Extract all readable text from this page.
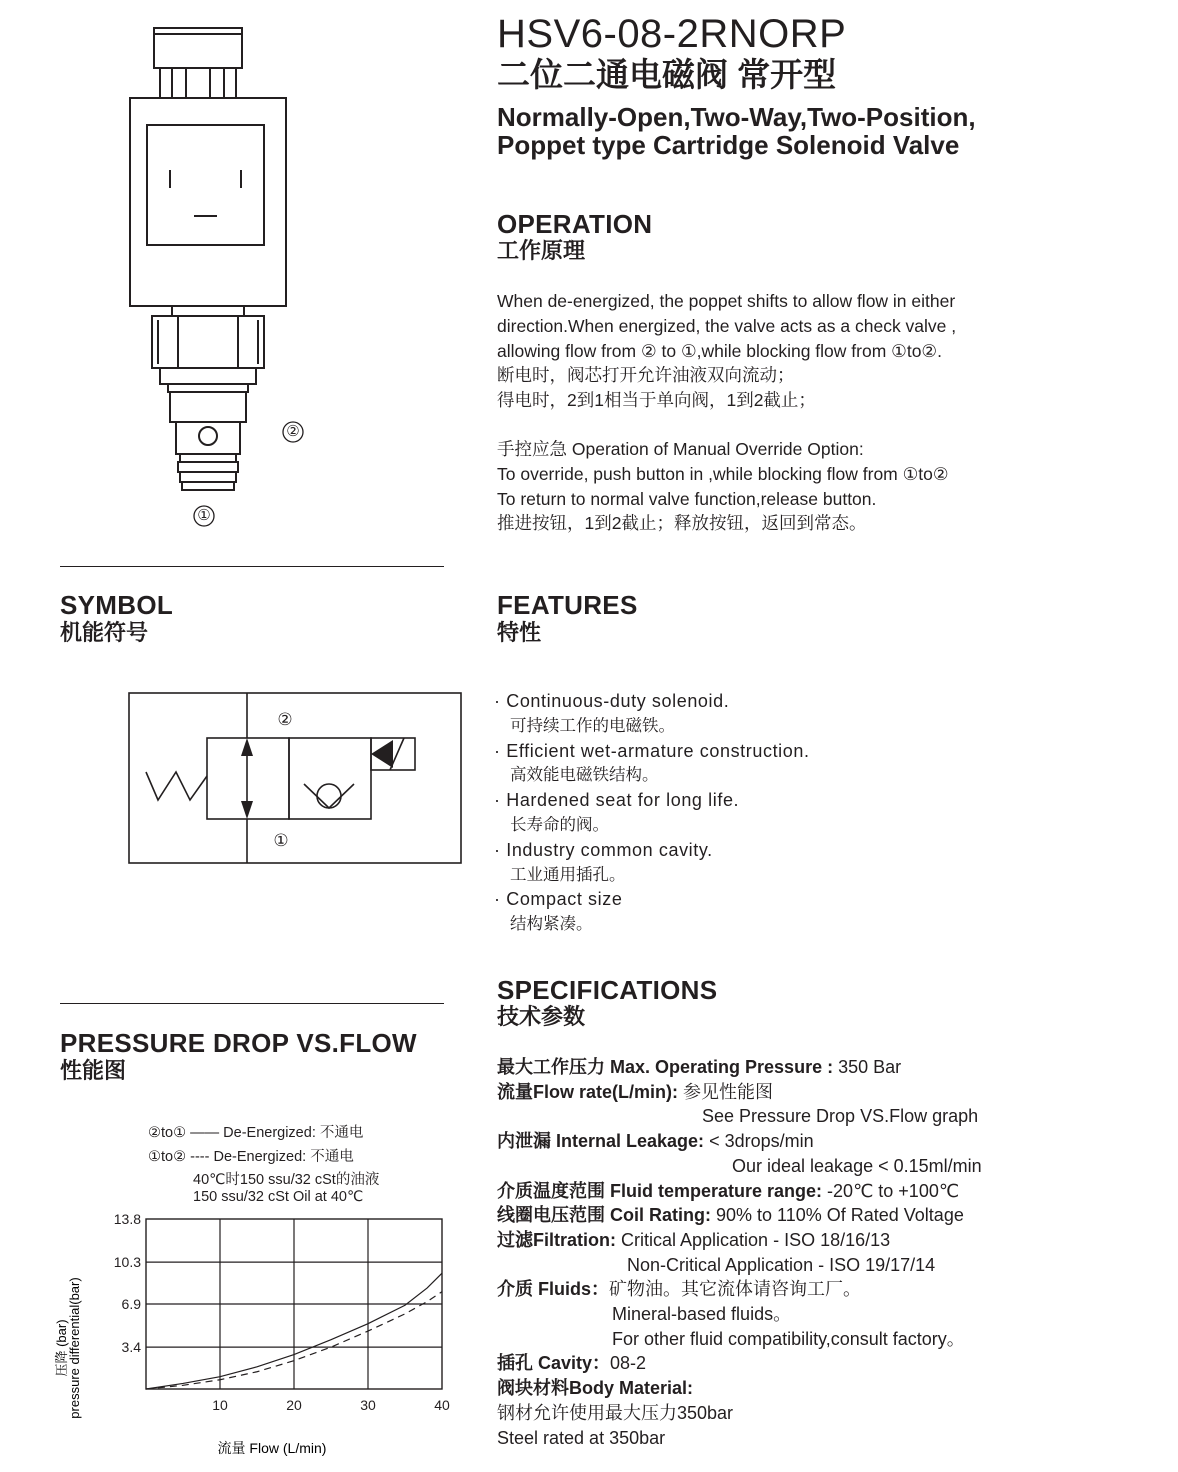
HSV6-08-2RNORP
二位二通电磁阀 常开型
Normally-Open,Two-Way,Two-Position,
Poppet type Cartridge Solenoid Valve
②
①
OPERATION
工作原理
When de-energized, the poppet shifts to allow flow in either
direction.When energized, the valve acts as a check valve ,
allowing flow from ② to ①,while blocking flow from ①to②.
断电时，阀芯打开允许油液双向流动；
得电时，2到1相当于单向阀，1到2截止；
手控应急 Operation of Manual Override Option:
To override, push button in ,while blocking flow from ①to②
To return to normal valve function,release button.
推进按钮，1到2截止；释放按钮，返回到常态。
SYMBOL
机能符号
②
①
FEATURES
特性
· Continuous-duty solenoid.
可持续工作的电磁铁。
· Efficient wet-armature construction.
高效能电磁铁结构。
· Hardened seat for long life.
长寿命的阀。
· Industry common cavity.
工业通用插孔。
· Compact size
结构紧凑。
PRESSURE DROP VS.FLOW
性能图
②to① —— De-Energized: 不通电
①to② ---- De-Energized: 不通电
40℃时150 ssu/32 cSt的油液
150 ssu/32 cSt Oil at 40℃
10	20	30	40
3.4
6.9
10.3
13.8
pressure differential(bar)
压降 (bar)
流量 Flow (L/min)
SPECIFICATIONS
技术参数
最大工作压力 Max. Operating Pressure : 350 Bar
流量Flow rate(L/min): 参见性能图
See Pressure Drop VS.Flow graph
内泄漏 Internal Leakage: < 3drops/min
Our ideal leakage < 0.15ml/min
介质温度范围 Fluid temperature range: -20℃ to +100℃
线圈电压范围 Coil Rating: 90% to 110% Of Rated Voltage
过滤Filtration: Critical Application - ISO 18/16/13
Non-Critical Application - ISO 19/17/14
介质 Fluids：矿物油。其它流体请咨询工厂。
Mineral-based fluids。
For other fluid compatibility,consult factory。
插孔 Cavity：08-2
阀块材料Body Material:
钢材允许使用最大压力350bar
Steel rated at 350bar
